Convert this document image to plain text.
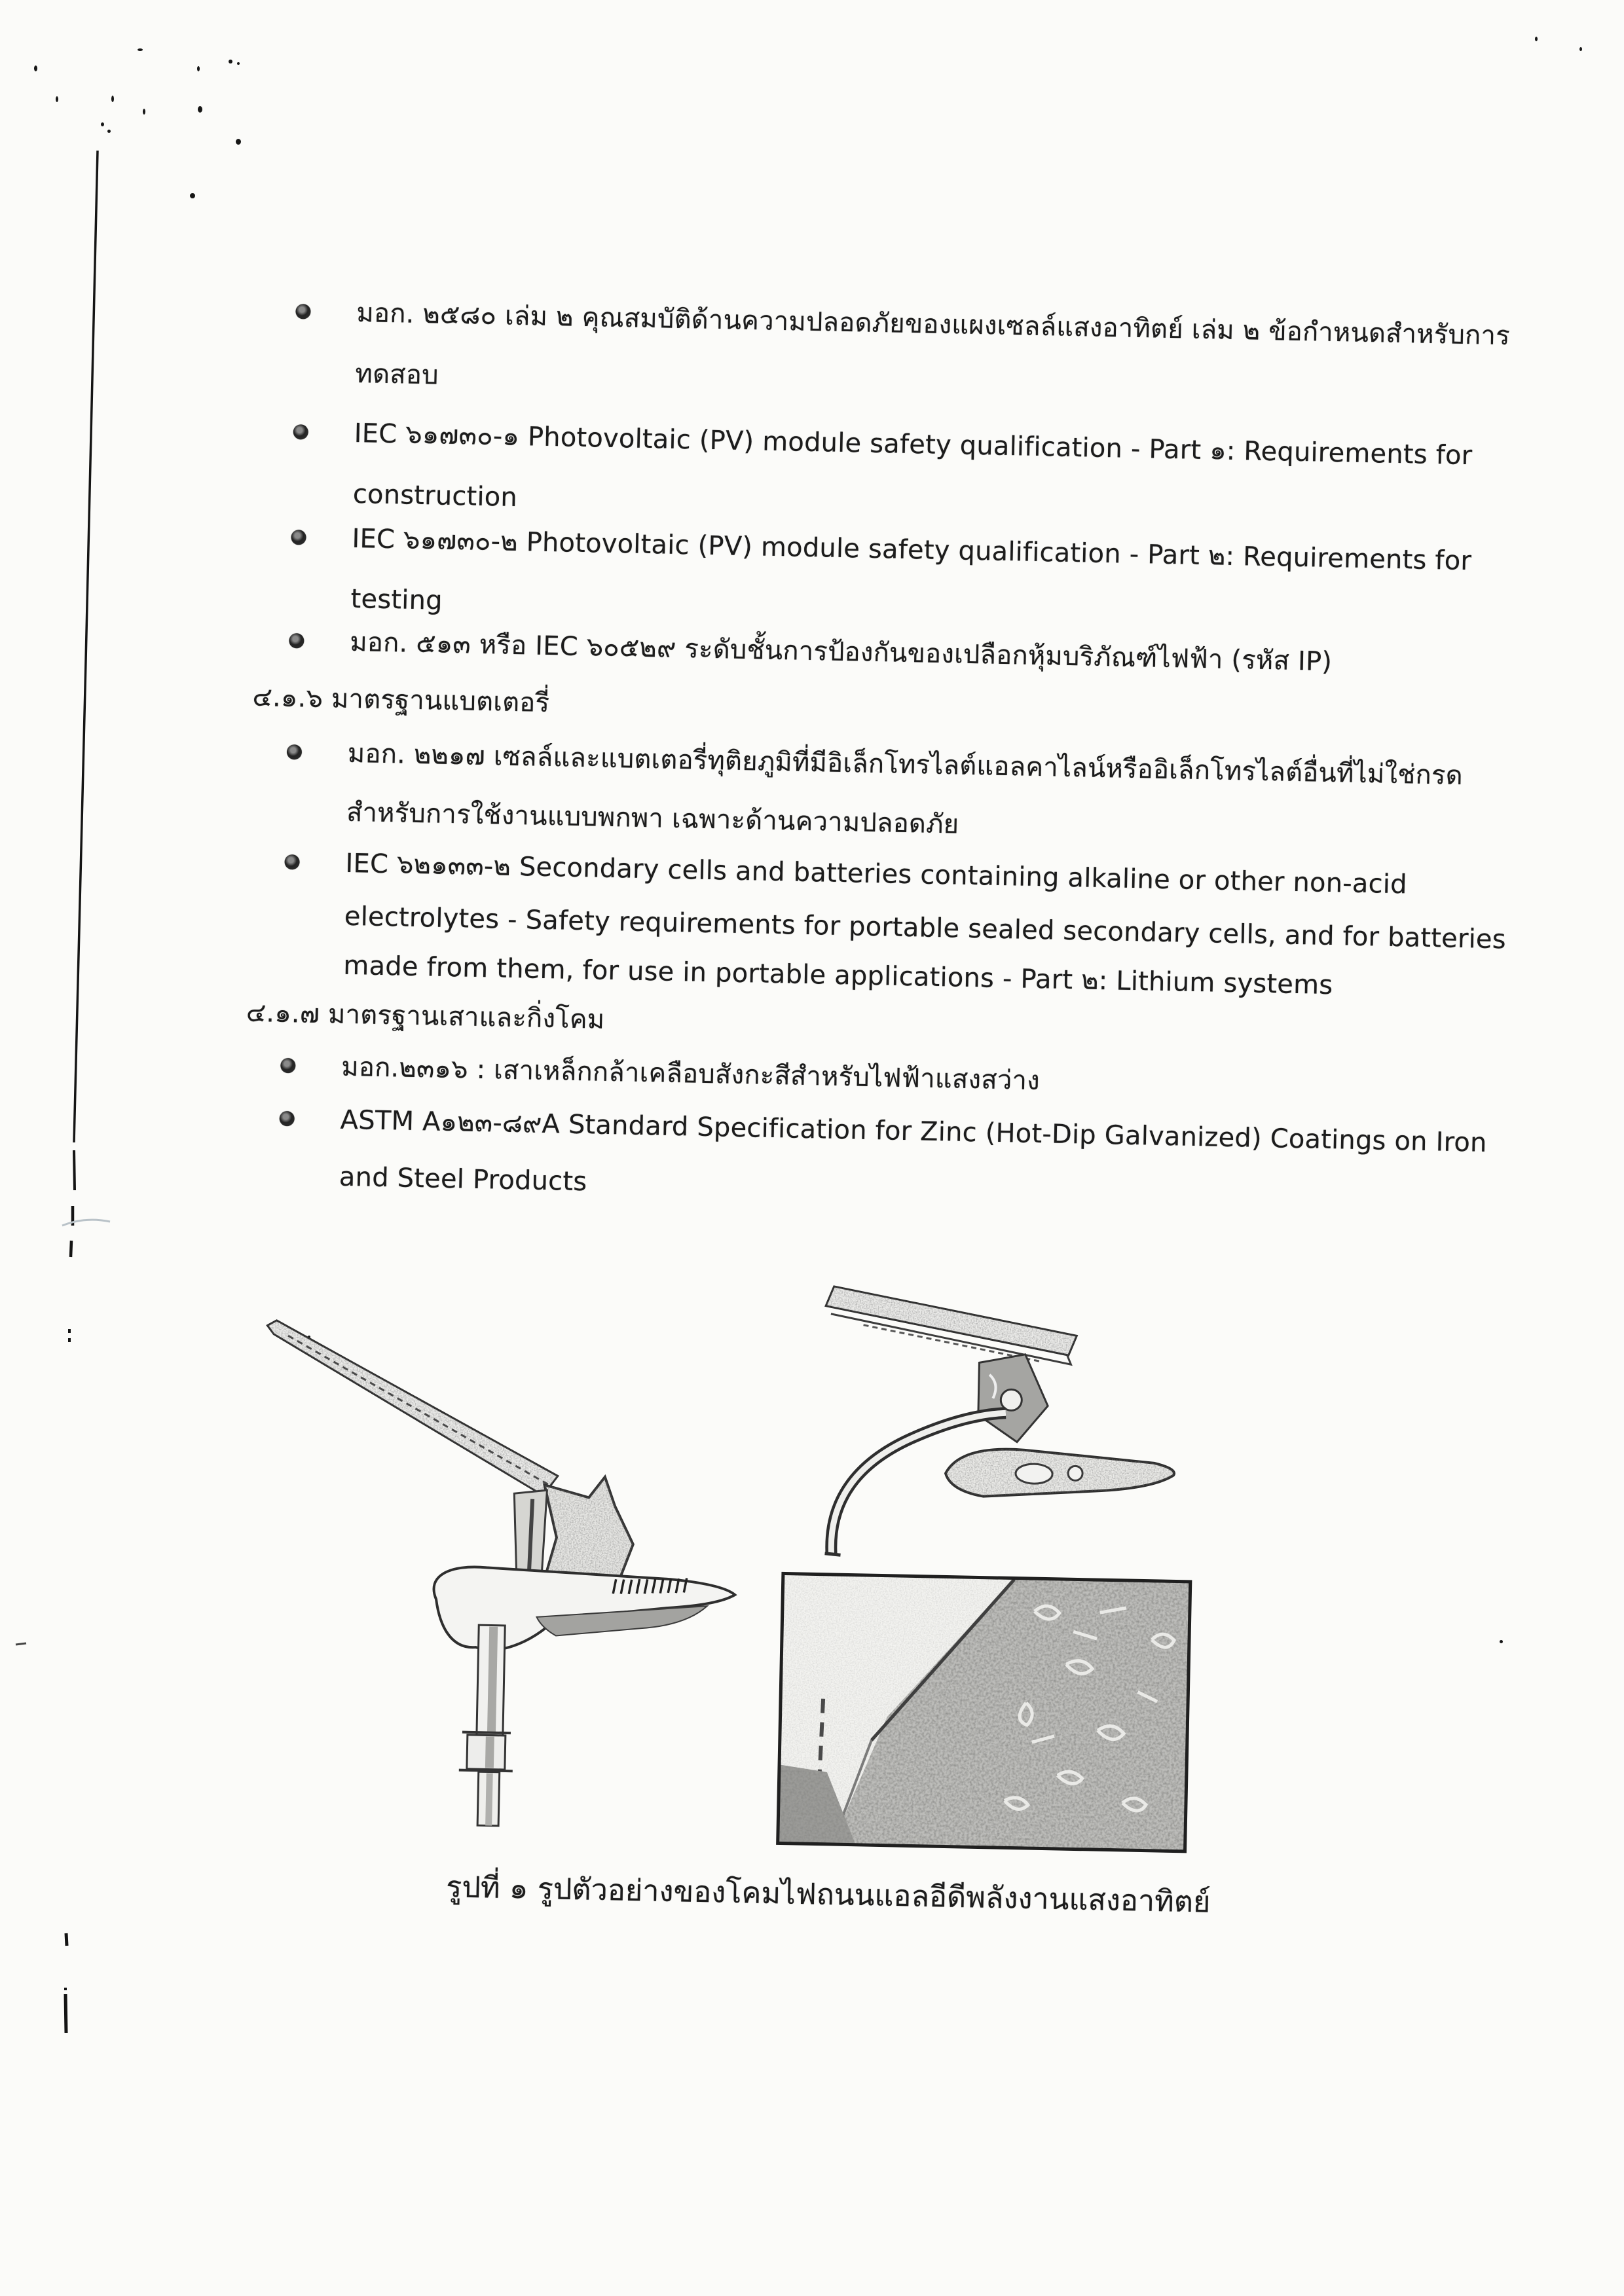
มอก. ๒๕๘๐ เล่ม ๒ คุณสมบัติด้านความปลอดภัยของแผงเซลล์แสงอาทิตย์ เล่ม ๒ ข้อกำหนดสำหรับการ
ทดสอบ
IEC ๖๑๗๓๐-๑ Photovoltaic (PV) module safety qualification - Part ๑: Requirements for
construction
IEC ๖๑๗๓๐-๒ Photovoltaic (PV) module safety qualification - Part ๒: Requirements for
testing
มอก. ๕๑๓ หรือ IEC ๖๐๕๒๙ ระดับชั้นการป้องกันของเปลือกหุ้มบริภัณฑ์ไฟฟ้า (รหัส IP)
๔.๑.๖ มาตรฐานแบตเตอรี่
มอก. ๒๒๑๗ เซลล์และแบตเตอรี่ทุติยภูมิที่มีอิเล็กโทรไลต์แอลคาไลน์หรืออิเล็กโทรไลต์อื่นที่ไม่ใช่กรด
สำหรับการใช้งานแบบพกพา เฉพาะด้านความปลอดภัย
IEC ๖๒๑๓๓-๒ Secondary cells and batteries containing alkaline or other non-acid
electrolytes - Safety requirements for portable sealed secondary cells, and for batteries
made from them, for use in portable applications - Part ๒: Lithium systems
๔.๑.๗ มาตรฐานเสาและกิ่งโคม
มอก.๒๓๑๖ : เสาเหล็กกล้าเคลือบสังกะสีสำหรับไฟฟ้าแสงสว่าง
ASTM A๑๒๓-๘๙A Standard Specification for Zinc (Hot-Dip Galvanized) Coatings on Iron
and Steel Products
รูปที่ ๑ รูปตัวอย่างของโคมไฟถนนแอลอีดีพลังงานแสงอาทิตย์
